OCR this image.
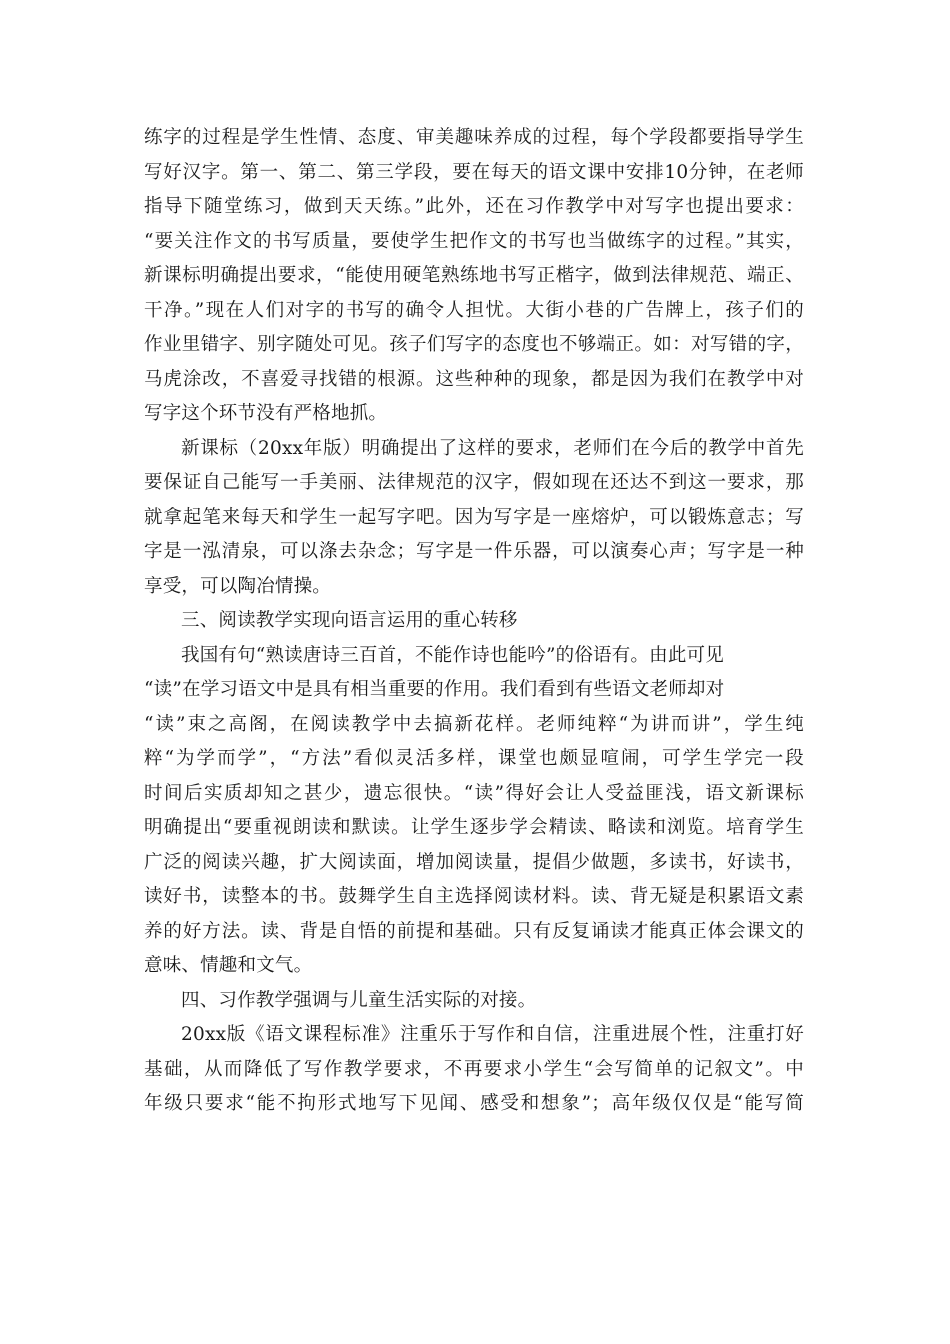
练字的过程是学生性情、态度、审美趣味养成的过程，每个学段都要指导学生
写好汉字。第一、第二、第三学段，要在每天的语文课中安排10分钟，在老师
指导下随堂练习，做到天天练。”此外，还在习作教学中对写字也提出要求：
“要关注作文的书写质量，要使学生把作文的书写也当做练字的过程。”其实，
新课标明确提出要求，“能使用硬笔熟练地书写正楷字，做到法律规范、端正、
干净。”现在人们对字的书写的确令人担忧。大街小巷的广告牌上，孩子们的
作业里错字、别字随处可见。孩子们写字的态度也不够端正。如：对写错的字，
马虎涂改，不喜爱寻找错的根源。这些种种的现象，都是因为我们在教学中对
写字这个环节没有严格地抓。
新课标（20xx年版）明确提出了这样的要求，老师们在今后的教学中首先
要保证自己能写一手美丽、法律规范的汉字，假如现在还达不到这一要求，那
就拿起笔来每天和学生一起写字吧。因为写字是一座熔炉，可以锻炼意志；写
字是一泓清泉，可以涤去杂念；写字是一件乐器，可以演奏心声；写字是一种
享受，可以陶冶情操。
三、阅读教学实现向语言运用的重心转移
我国有句“熟读唐诗三百首，不能作诗也能吟”的俗语有。由此可见
“读”在学习语文中是具有相当重要的作用。我们看到有些语文老师却对
“读”束之高阁，在阅读教学中去搞新花样。老师纯粹“为讲而讲”，学生纯
粹“为学而学”，“方法”看似灵活多样，课堂也颇显喧闹，可学生学完一段
时间后实质却知之甚少，遗忘很快。“读”得好会让人受益匪浅，语文新课标
明确提出“要重视朗读和默读。让学生逐步学会精读、略读和浏览。培育学生
广泛的阅读兴趣，扩大阅读面，增加阅读量，提倡少做题，多读书，好读书，
读好书，读整本的书。鼓舞学生自主选择阅读材料。读、背无疑是积累语文素
养的好方法。读、背是自悟的前提和基础。只有反复诵读才能真正体会课文的
意味、情趣和文气。
四、习作教学强调与儿童生活实际的对接。
20xx版《语文课程标准》注重乐于写作和自信，注重进展个性，注重打好
基础，从而降低了写作教学要求，不再要求小学生“会写简单的记叙文”。中
年级只要求“能不拘形式地写下见闻、感受和想象”；高年级仅仅是“能写简
